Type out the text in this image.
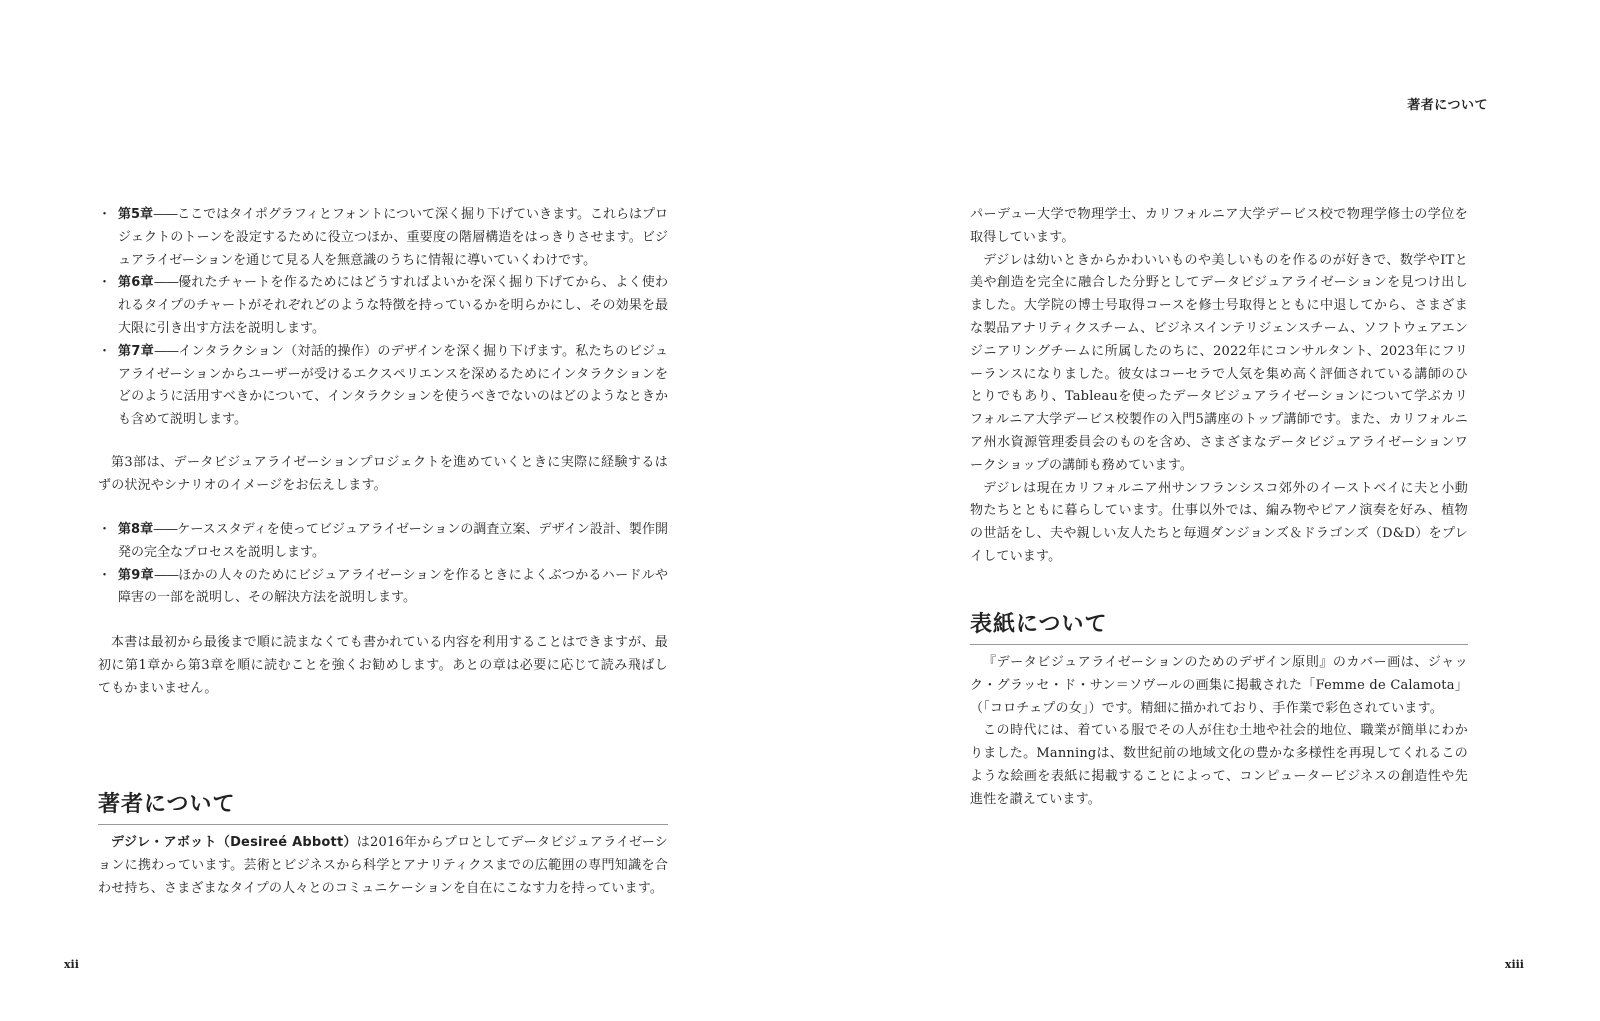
・ 第5章——ここではタイポグラフィとフォントについて深く掘り下げていきます。これらはプロジェクトのトーンを設定するために役立つほか、重要度の階層構造をはっきりさせます。ビジュアライゼーションを通じて見る人を無意識のうちに情報に導いていくわけです。
・ 第6章——優れたチャートを作るためにはどうすればよいかを深く掘り下げてから、よく使われるタイプのチャートがそれぞれどのような特徴を持っているかを明らかにし、その効果を最大限に引き出す方法を説明します。
・ 第7章——インタラクション（対話的操作）のデザインを深く掘り下げます。私たちのビジュアライゼーションからユーザーが受けるエクスペリエンスを深めるためにインタラクションをどのように活用すべきかについて、インタラクションを使うべきでないのはどのようなときかも含めて説明します。

第3部は、データビジュアライゼーションプロジェクトを進めていくときに実際に経験するはずの状況やシナリオのイメージをお伝えします。

・ 第8章——ケーススタディを使ってビジュアライゼーションの調査立案、デザイン設計、製作開発の完全なプロセスを説明します。
・ 第9章——ほかの人々のためにビジュアライゼーションを作るときによくぶつかるハードルや障害の一部を説明し、その解決方法を説明します。

本書は最初から最後まで順に読まなくても書かれている内容を利用することはできますが、最初に第1章から第3章を順に読むことを強くお勧めします。あとの章は必要に応じて読み飛ばしてもかまいません。

著者について

デジレ・アボット（Desireé Abbott）は2016年からプロとしてデータビジュアライゼーションに携わっています。芸術とビジネスから科学とアナリティクスまでの広範囲の専門知識を合わせ持ち、さまざまなタイプの人々とのコミュニケーションを自在にこなす力を持っています。

xii
著者について

パーデュー大学で物理学士、カリフォルニア大学デービス校で物理学修士の学位を取得しています。

デジレは幼いときからかわいいものや美しいものを作るのが好きで、数学やITと美や創造を完全に融合した分野としてデータビジュアライゼーションを見つけ出しました。大学院の博士号取得コースを修士号取得とともに中退してから、さまざまな製品アナリティクスチーム、ビジネスインテリジェンスチーム、ソフトウェアエンジニアリングチームに所属したのちに、2022年にコンサルタント、2023年にフリーランスになりました。彼女はコーセラで人気を集め高く評価されている講師のひとりでもあり、Tableauを使ったデータビジュアライゼーションについて学ぶカリフォルニア大学デービス校製作の入門5講座のトップ講師です。また、カリフォルニア州水資源管理委員会のものを含め、さまざまなデータビジュアライゼーションワークショップの講師も務めています。

デジレは現在カリフォルニア州サンフランシスコ郊外のイーストベイに夫と小動物たちとともに暮らしています。仕事以外では、編み物やピアノ演奏を好み、植物の世話をし、夫や親しい友人たちと毎週ダンジョンズ＆ドラゴンズ（D&D）をプレイしています。

表紙について

『データビジュアライゼーションのためのデザイン原則』のカバー画は、ジャック・グラッセ・ド・サン＝ソヴールの画集に掲載された「Femme de Calamota」（「コロチェプの女」）です。精細に描かれており、手作業で彩色されています。

この時代には、着ている服でその人が住む土地や社会的地位、職業が簡単にわかりました。Manningは、数世紀前の地域文化の豊かな多様性を再現してくれるこのような絵画を表紙に掲載することによって、コンピュータービジネスの創造性や先進性を讃えています。

xiii
